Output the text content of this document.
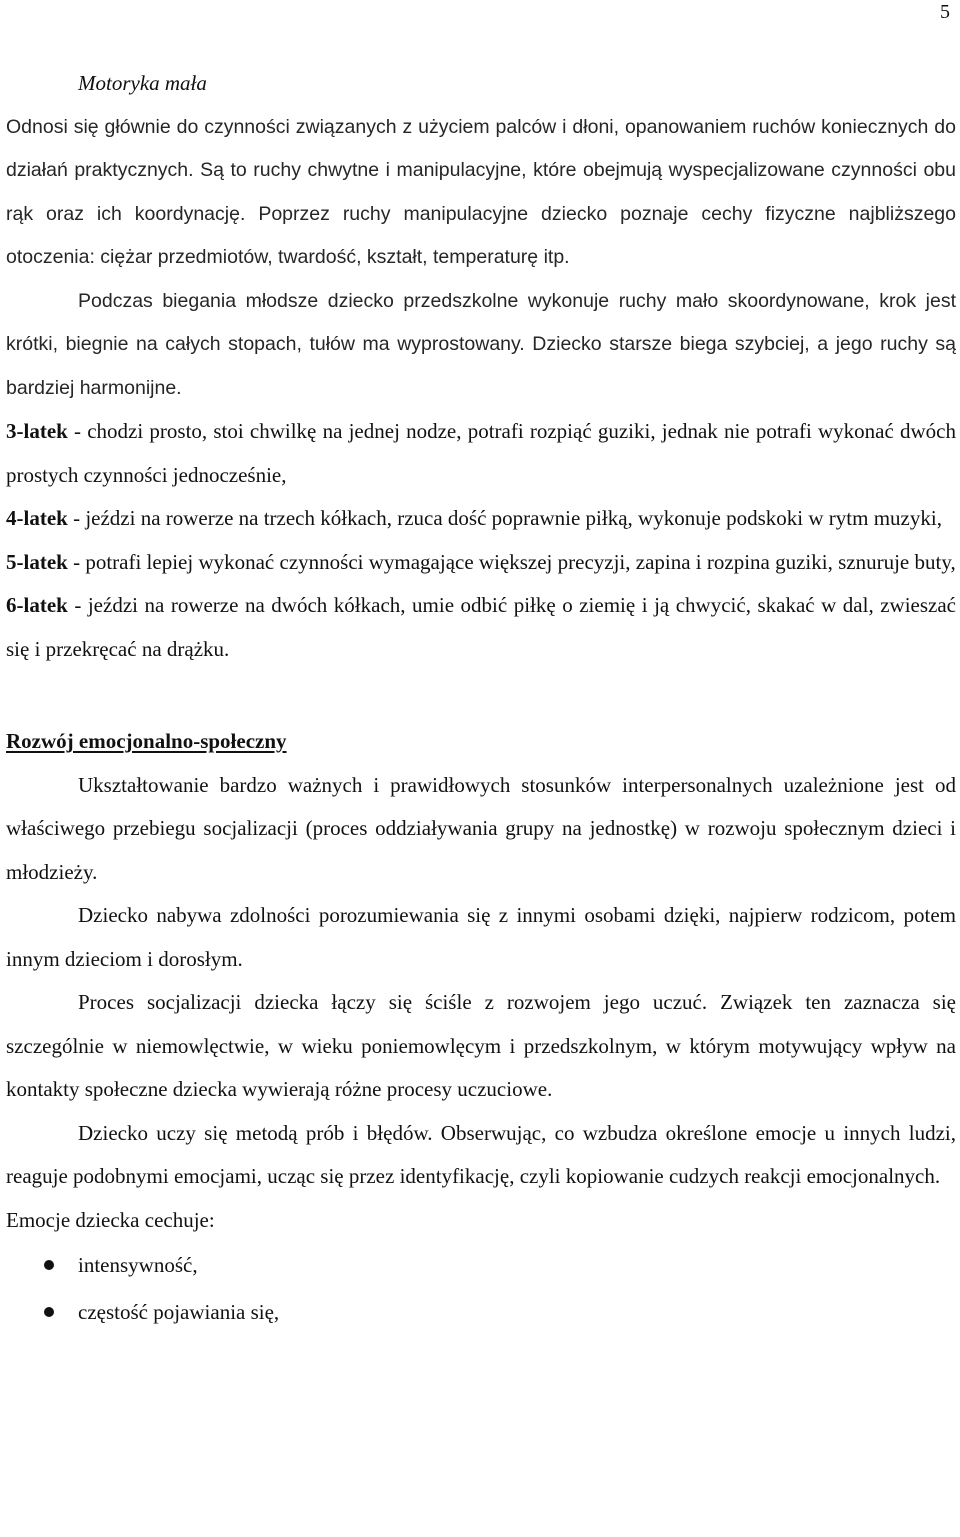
5

Motoryka mała

Odnosi się głównie do czynności związanych z użyciem palców i dłoni, opanowaniem ruchów koniecznych do działań praktycznych. Są to ruchy chwytne i manipulacyjne, które obejmują wyspecjalizowane czynności obu rąk oraz ich koordynację. Poprzez ruchy manipulacyjne dziecko poznaje cechy fizyczne najbliższego otoczenia: ciężar przedmiotów, twardość, kształt, temperaturę itp.

Podczas biegania młodsze dziecko przedszkolne wykonuje ruchy mało skoordynowane, krok jest krótki, biegnie na całych stopach, tułów ma wyprostowany. Dziecko starsze biega szybciej, a jego ruchy są bardziej harmonijne.

3-latek - chodzi prosto, stoi chwilkę na jednej nodze, potrafi rozpiąć guziki, jednak nie potrafi wykonać dwóch prostych czynności jednocześnie,

4-latek - jeździ na rowerze na trzech kółkach, rzuca dość poprawnie piłką, wykonuje podskoki w rytm muzyki,

5-latek - potrafi lepiej wykonać czynności wymagające większej precyzji, zapina i rozpina guziki, sznuruje buty,

6-latek - jeździ na rowerze na dwóch kółkach, umie odbić piłkę o ziemię i ją chwycić, skakać w dal, zwieszać się i przekręcać na drążku.

Rozwój emocjonalno-społeczny

Ukształtowanie bardzo ważnych i prawidłowych stosunków interpersonalnych uzależnione jest od właściwego przebiegu socjalizacji (proces oddziaływania grupy na jednostkę) w rozwoju społecznym dzieci i młodzieży.

Dziecko nabywa zdolności porozumiewania się z innymi osobami dzięki, najpierw rodzicom, potem innym dzieciom i dorosłym.

Proces socjalizacji dziecka łączy się ściśle z rozwojem jego uczuć. Związek ten zaznacza się szczególnie w niemowlęctwie, w wieku poniemowlęcym i przedszkolnym, w którym motywujący wpływ na kontakty społeczne dziecka wywierają różne procesy uczuciowe.

Dziecko uczy się metodą prób i błędów. Obserwując, co wzbudza określone emocje u innych ludzi, reaguje podobnymi emocjami, ucząc się przez identyfikację, czyli kopiowanie cudzych reakcji emocjonalnych.

Emocje dziecka cechuje:

intensywność,
częstość pojawiania się,
